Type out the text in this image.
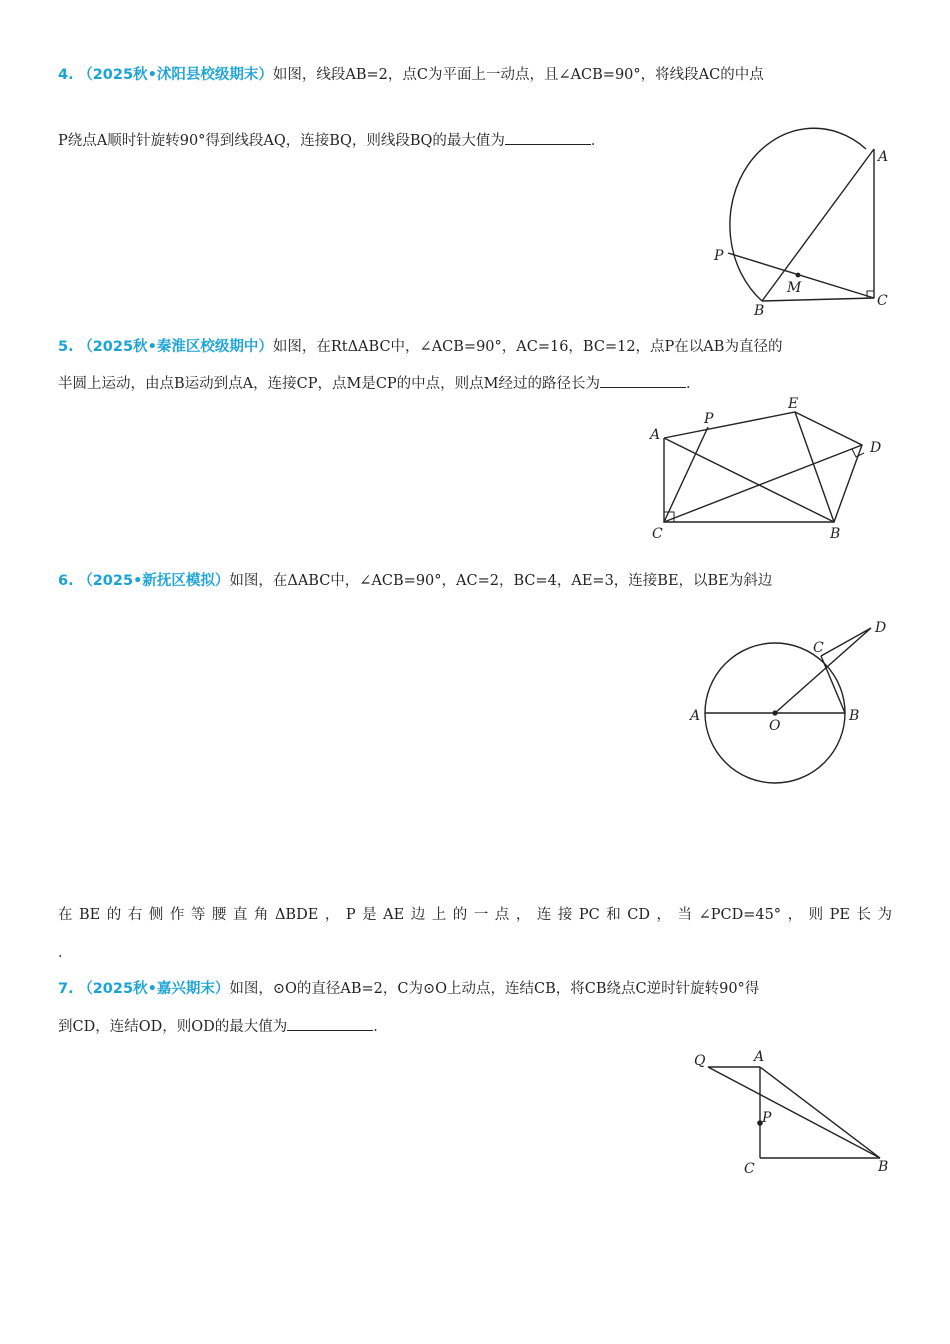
4. （2025秋•沭阳县校级期末）如图，线段AB=2，点C为平面上一动点，且∠ACB=90°，将线段AC的中点
P绕点A顺时针旋转90°得到线段AQ，连接BQ，则线段BQ的最大值为	．
A
B
C
P
M
5. （2025秋•秦淮区校级期中）如图，在RtΔABC中，∠ACB=90°，AC=16，BC=12，点P在以AB为直径的
半圆上运动，由点B运动到点A，连接CP，点M是CP的中点，则点M经过的路径长为	．
A
P
E
D
C	B
6. （2025•新抚区模拟）如图，在ΔABC中，∠ACB=90°，AC=2，BC=4，AE=3，连接BE，以BE为斜边
A
O
B
C
D
在BE的右侧作等腰直角ΔBDE，P是AE边上的一点，连接PC和CD，当∠PCD=45°，则PE长为
．
7. （2025秋•嘉兴期末）如图，⊙O的直径AB=2，C为⊙O上动点，连结CB，将CB绕点C逆时针旋转90°得
到CD，连结OD，则OD的最大值为	．
Q	A
P
C	B
